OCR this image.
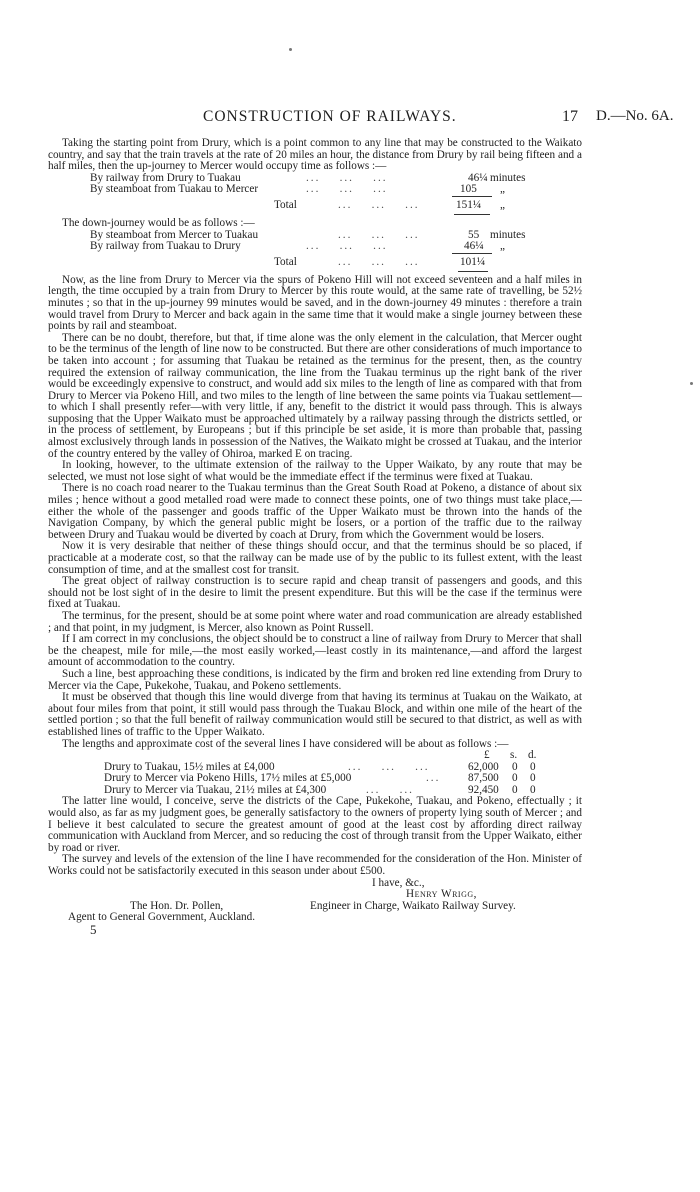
CONSTRUCTION OF RAILWAYS.	17 D.—No. 6A.

Taking the starting point from Drury, which is a point common to any line that may be constructed to the Waikato country, and say that the train travels at the rate of 20 miles an hour, the distance from Drury by rail being fifteen and a half miles, then the up-journey to Mercer would occupy time as follows :—

By railway from Drury to Tuakau	...    ...    ...	46¼ minutes
By steamboat from Tuakau to Mercer	...    ...    ...	105 „
Total	...    ...    ...	151¼ „

The down-journey would be as follows :—

By steamboat from Mercer to Tuakau	...    ...    ...	55 minutes
By railway from Tuakau to Drury	...    ...    ...	46¼ „
Total	...    ...    ...	101¼

Now, as the line from Drury to Mercer via the spurs of Pokeno Hill will not exceed seventeen and a half miles in length, the time occupied by a train from Drury to Mercer by this route would, at the same rate of travelling, be 52½ minutes ; so that in the up-journey 99 minutes would be saved, and in the down-journey 49 minutes : therefore a train would travel from Drury to Mercer and back again in the same time that it would make a single journey between these points by rail and steamboat.

There can be no doubt, therefore, but that, if time alone was the only element in the calculation, that Mercer ought to be the terminus of the length of line now to be constructed. But there are other considerations of much importance to be taken into account ; for assuming that Tuakau be retained as the terminus for the present, then, as the country required the extension of railway communication, the line from the Tuakau terminus up the right bank of the river would be exceedingly expensive to construct, and would add six miles to the length of line as compared with that from Drury to Mercer via Pokeno Hill, and two miles to the length of line between the same points via Tuakau settlement—to which I shall presently refer—with very little, if any, benefit to the district it would pass through. This is always supposing that the Upper Waikato must be approached ultimately by a railway passing through the districts settled, or in the process of settlement, by Europeans ; but if this principle be set aside, it is more than probable that, passing almost exclusively through lands in possession of the Natives, the Waikato might be crossed at Tuakau, and the interior of the country entered by the valley of Ohiroa, marked E on tracing.

In looking, however, to the ultimate extension of the railway to the Upper Waikato, by any route that may be selected, we must not lose sight of what would be the immediate effect if the terminus were fixed at Tuakau.

There is no coach road nearer to the Tuakau terminus than the Great South Road at Pokeno, a distance of about six miles ; hence without a good metalled road were made to connect these points, one of two things must take place,—either the whole of the passenger and goods traffic of the Upper Waikato must be thrown into the hands of the Navigation Company, by which the general public might be losers, or a portion of the traffic due to the railway between Drury and Tuakau would be diverted by coach at Drury, from which the Government would be losers.

Now it is very desirable that neither of these things should occur, and that the terminus should be so placed, if practicable at a moderate cost, so that the railway can be made use of by the public to its fullest extent, with the least consumption of time, and at the smallest cost for transit.

The great object of railway construction is to secure rapid and cheap transit of passengers and goods, and this should not be lost sight of in the desire to limit the present expenditure. But this will be the case if the terminus were fixed at Tuakau.

The terminus, for the present, should be at some point where water and road communication are already established ; and that point, in my judgment, is Mercer, also known as Point Russell.

If I am correct in my conclusions, the object should be to construct a line of railway from Drury to Mercer that shall be the cheapest, mile for mile,—the most easily worked,—least costly in its maintenance,—and afford the largest amount of accommodation to the country.

Such a line, best approaching these conditions, is indicated by the firm and broken red line extending from Drury to Mercer via the Cape, Pukekohe, Tuakau, and Pokeno settlements.

It must be observed that though this line would diverge from that having its terminus at Tuakau on the Waikato, at about four miles from that point, it still would pass through the Tuakau Block, and within one mile of the heart of the settled portion ; so that the full benefit of railway communication would still be secured to that district, as well as with established lines of traffic to the Upper Waikato.

The lengths and approximate cost of the several lines I have considered will be about as follows :—

£ s. d.
Drury to Tuakau, 15½ miles at £4,000	...    ...    ...	62,000 0 0
Drury to Mercer via Pokeno Hills, 17½ miles at £5,000	... 87,500 0 0
Drury to Mercer via Tuakau, 21½ miles at £4,300	...    ...	92,450 0 0

The latter line would, I conceive, serve the districts of the Cape, Pukekohe, Tuakau, and Pokeno, effectually ; it would also, as far as my judgment goes, be generally satisfactory to the owners of property lying south of Mercer ; and I believe it best calculated to secure the greatest amount of good at the least cost by affording direct railway communication with Auckland from Mercer, and so reducing the cost of through transit from the Upper Waikato, either by road or river.

The survey and levels of the extension of the line I have recommended for the consideration of the Hon. Minister of Works could not be satisfactorily executed in this season under about £500.

I have, &c.,
Henry Wrigg,
The Hon. Dr. Pollen,	Engineer in Charge, Waikato Railway Survey.
Agent to General Government, Auckland.
5
